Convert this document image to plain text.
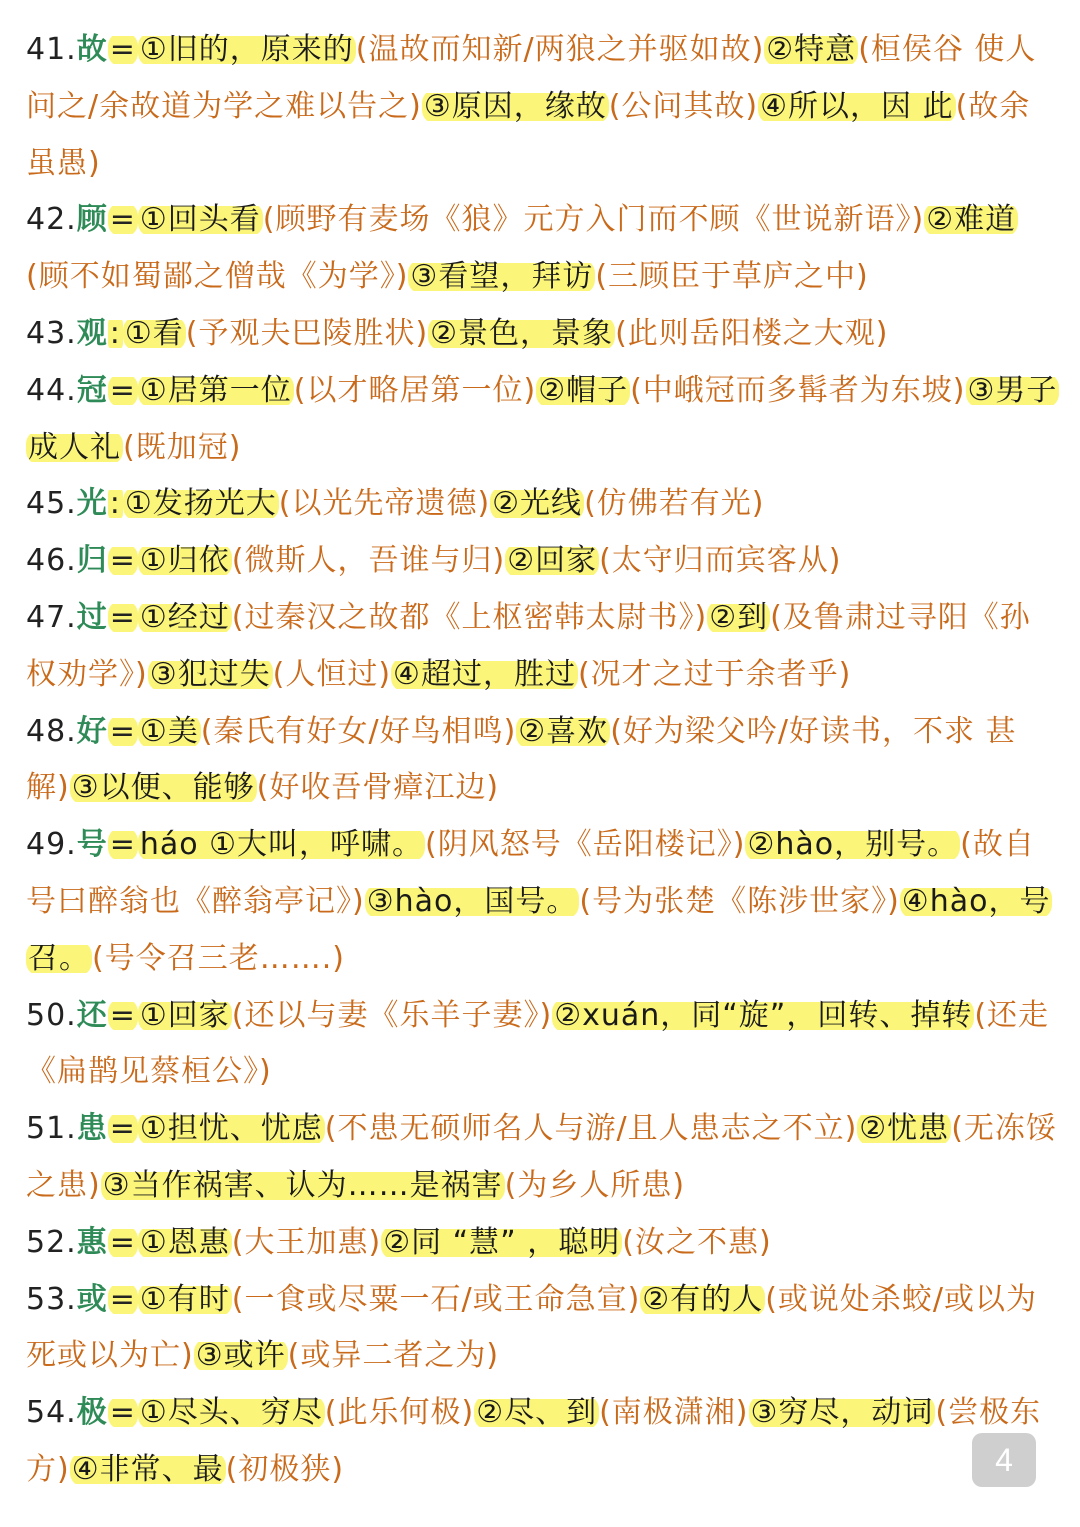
41.故= ①旧的，原来的(温故而知新/两狼之并驱如故)②特意(桓侯谷 使人问之/余故道为学之难以告之)③原因，缘故(公问其故)④所以，因 此(故余虽愚)
42.顾= ①回头看(顾野有麦场《狼》元方入门而不顾《世说新语》)②难道(顾不如蜀鄙之僧哉《为学》)③看望，拜访(三顾臣于草庐之中)
43.观: ①看(予观夫巴陵胜状)②景色，景象(此则岳阳楼之大观)
44.冠= ①居第一位(以才略居第一位)②帽子(中峨冠而多髯者为东坡)③男子成人礼(既加冠)
45.光: ①发扬光大(以光先帝遗德)②光线(仿佛若有光)
46.归= ①归依(微斯人，吾谁与归)②回家(太守归而宾客从)
47.过= ①经过(过秦汉之故都《上枢密韩太尉书》)②到(及鲁肃过寻阳《孙权劝学》)③犯过失(人恒过)④超过，胜过(况才之过于余者乎)
48.好= ①美(秦氏有好女/好鸟相鸣)②喜欢(好为梁父吟/好读书，不求 甚解)③以便、能够(好收吾骨瘴江边)
49.号= háo ①大叫，呼啸。(阴风怒号《岳阳楼记》)②hào，别号。(故自号曰醉翁也《醉翁亭记》)③hào，国号。(号为张楚《陈涉世家》)④hào，号召。(号令召三老…….)
50.还= ①回家(还以与妻《乐羊子妻》)②xuán，同“旋”，回转、掉转(还走《扁鹊见蔡桓公》)
51.患= ①担忧、忧虑(不患无硕师名人与游/且人患志之不立)②忧患(无冻馁之患)③当作祸害、认为……是祸害(为乡人所患)
52.惠= ①恩惠(大王加惠)②同 “慧” ，聪明(汝之不惠)
53.或= ①有时(一食或尽粟一石/或王命急宣)②有的人(或说处杀蛟/或以为死或以为亡)③或许(或异二者之为)
54.极= ①尽头、穷尽(此乐何极)②尽、到(南极潇湘)③穷尽，动词(尝极东方)④非常、最(初极狭)	4
